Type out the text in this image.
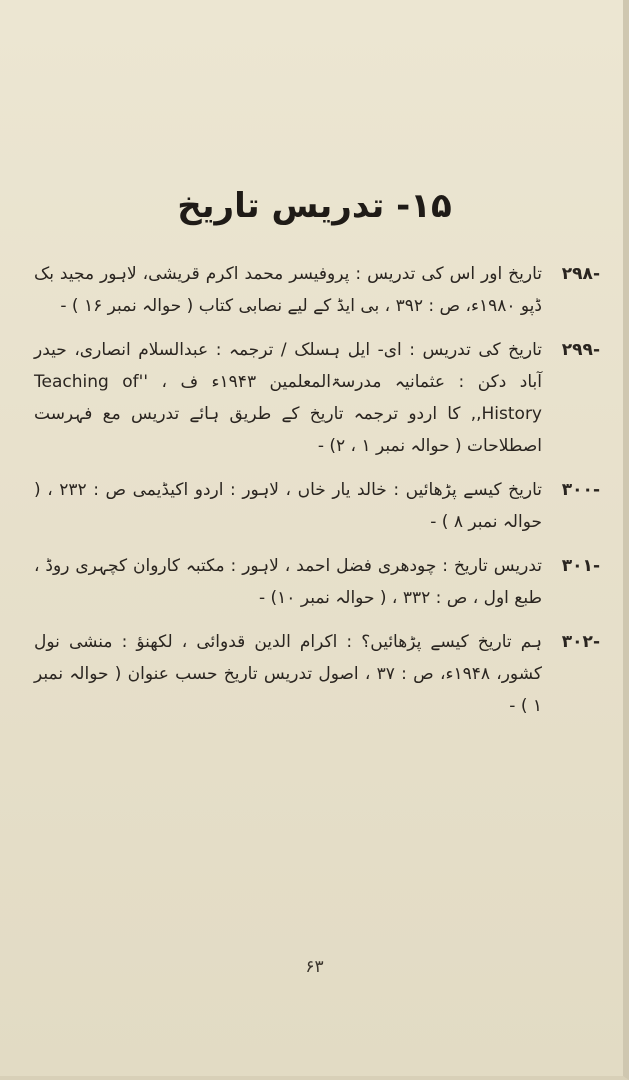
۱۵- تدریس تاریخ
-۲۹۸
تاریخ اور اس کی تدریس : پروفیسر محمد اکرم قریشی، لاہور مجید بک ڈپو ۱۹۸۰ء، ص : ۳۹۲ ، بی ایڈ کے لیے نصابی کتاب ( حوالہ نمبر ۱۶ ) -
-۲۹۹
تاریخ کی تدریس : ای- ایل ہسلک / ترجمہ : عبدالسلام انصاری، حیدر آباد دکن : عثمانیہ مدرسۃالمعلمین ۱۹۴۳ء ف ، ''Teaching of History,, کا اردو ترجمہ تاریخ کے طریق ہائے تدریس مع فہرست اصطلاحات ( حوالہ نمبر ۱ ، ۲) -
-۳۰۰
تاریخ کیسے پڑھائیں : خالد یار خاں ، لاہور : اردو اکیڈیمی ص : ۲۳۲ ، ( حوالہ نمبر ۸ ) -
-۳۰۱
تدریس تاریخ : چودھری فضل احمد ، لاہور : مکتبہ کاروان کچہری روڈ ، طبع اول ، ص : ۳۳۲ ، ( حوالہ نمبر ۱۰) -
-۳۰۲
ہم تاریخ کیسے پڑھائیں؟ : اکرام الدین قدوائی ، لکھنؤ : منشی نول کشور، ۱۹۴۸ء، ص : ۳۷ ، اصول تدریس تاریخ حسب عنوان ( حوالہ نمبر ۱ ) -
۶۳
